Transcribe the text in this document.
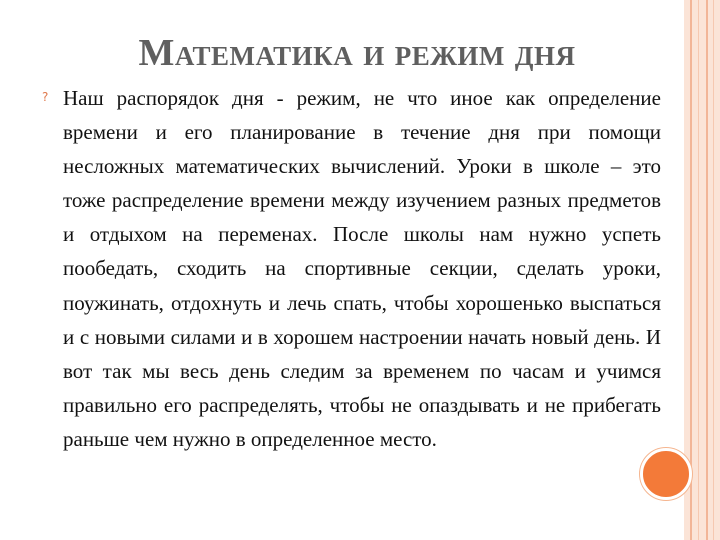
Математика и режим дня
? Наш распорядок дня - режим, не что иное как определение времени и его планирование в течение дня при помощи несложных математических вычислений. Уроки в школе – это тоже распределение времени между изучением разных предметов и отдыхом на переменах. После школы нам нужно успеть пообедать, сходить на спортивные секции, сделать уроки, поужинать, отдохнуть и лечь спать, чтобы хорошенько выспаться и с новыми силами и в хорошем настроении начать новый день. И вот так мы весь день следим за временем по часам и учимся правильно его распределять, чтобы не опаздывать и не прибегать раньше чем нужно в определенное место.
